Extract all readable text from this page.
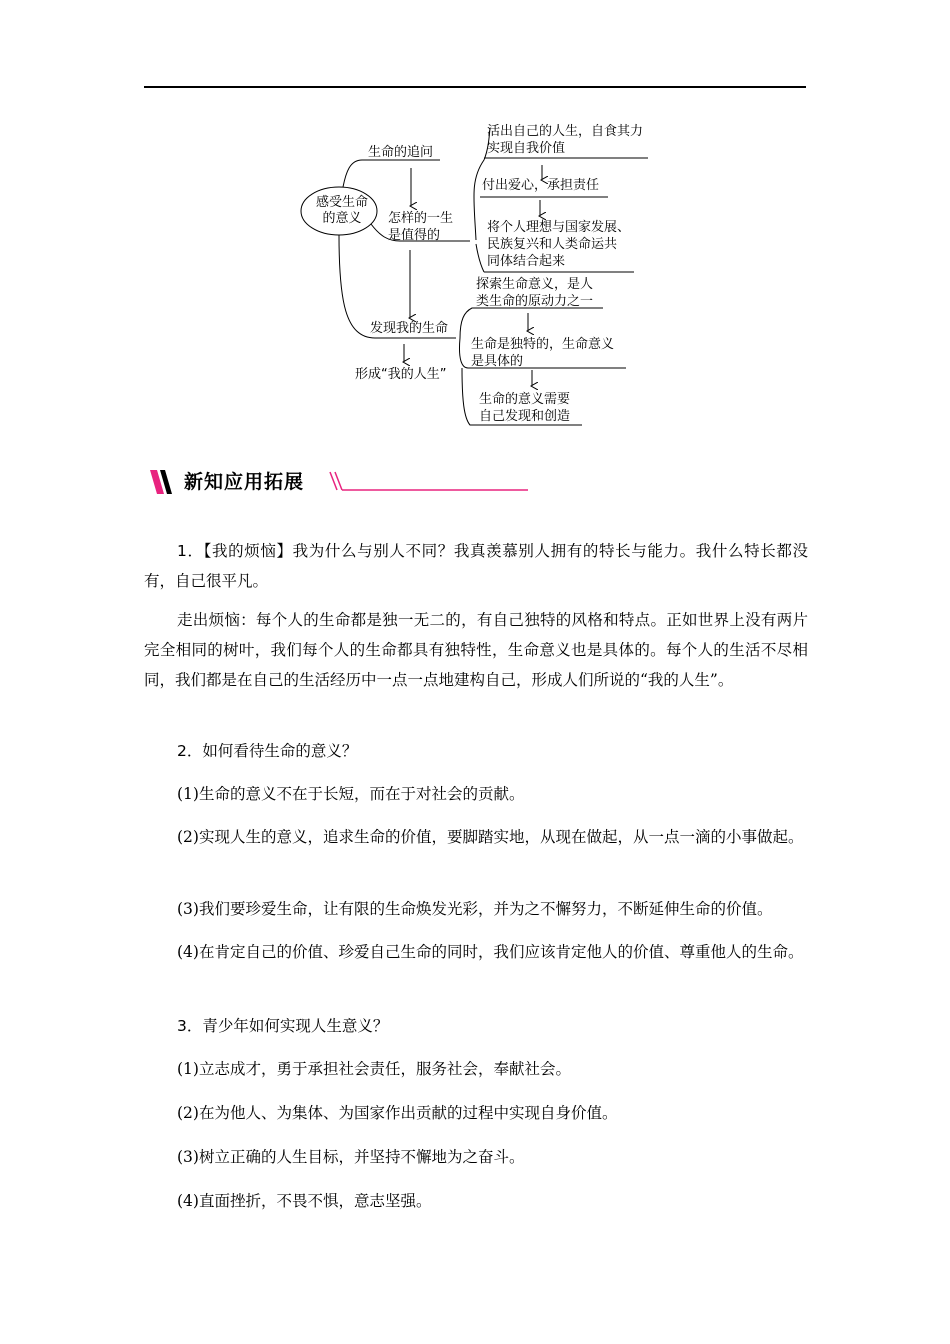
感受生命
的意义
生命的追问
怎样的一生
是值得的
发现我的生命
形成“我的人生”
活出自己的人生，自食其力
实现自我价值
付出爱心，承担责任
将个人理想与国家发展、
民族复兴和人类命运共
同体结合起来
探索生命意义，是人
类生命的原动力之一
生命是独特的，生命意义
是具体的
生命的意义需要
自己发现和创造
新知应用拓展
1．【我的烦恼】我为什么与别人不同？我真羡慕别人拥有的特长与能力。我什么特长都没有，自己很平凡。
走出烦恼：每个人的生命都是独一无二的，有自己独特的风格和特点。正如世界上没有两片完全相同的树叶，我们每个人的生命都具有独特性，生命意义也是具体的。每个人的生活不尽相同，我们都是在自己的生活经历中一点一点地建构自己，形成人们所说的“我的人生”。
2．如何看待生命的意义？
(1)生命的意义不在于长短，而在于对社会的贡献。
(2)实现人生的意义，追求生命的价值，要脚踏实地，从现在做起，从一点一滴的小事做起。
(3)我们要珍爱生命，让有限的生命焕发光彩，并为之不懈努力，不断延伸生命的价值。
(4)在肯定自己的价值、珍爱自己生命的同时，我们应该肯定他人的价值、尊重他人的生命。
3．青少年如何实现人生意义？
(1)立志成才，勇于承担社会责任，服务社会，奉献社会。
(2)在为他人、为集体、为国家作出贡献的过程中实现自身价值。
(3)树立正确的人生目标，并坚持不懈地为之奋斗。
(4)直面挫折，不畏不惧，意志坚强。
